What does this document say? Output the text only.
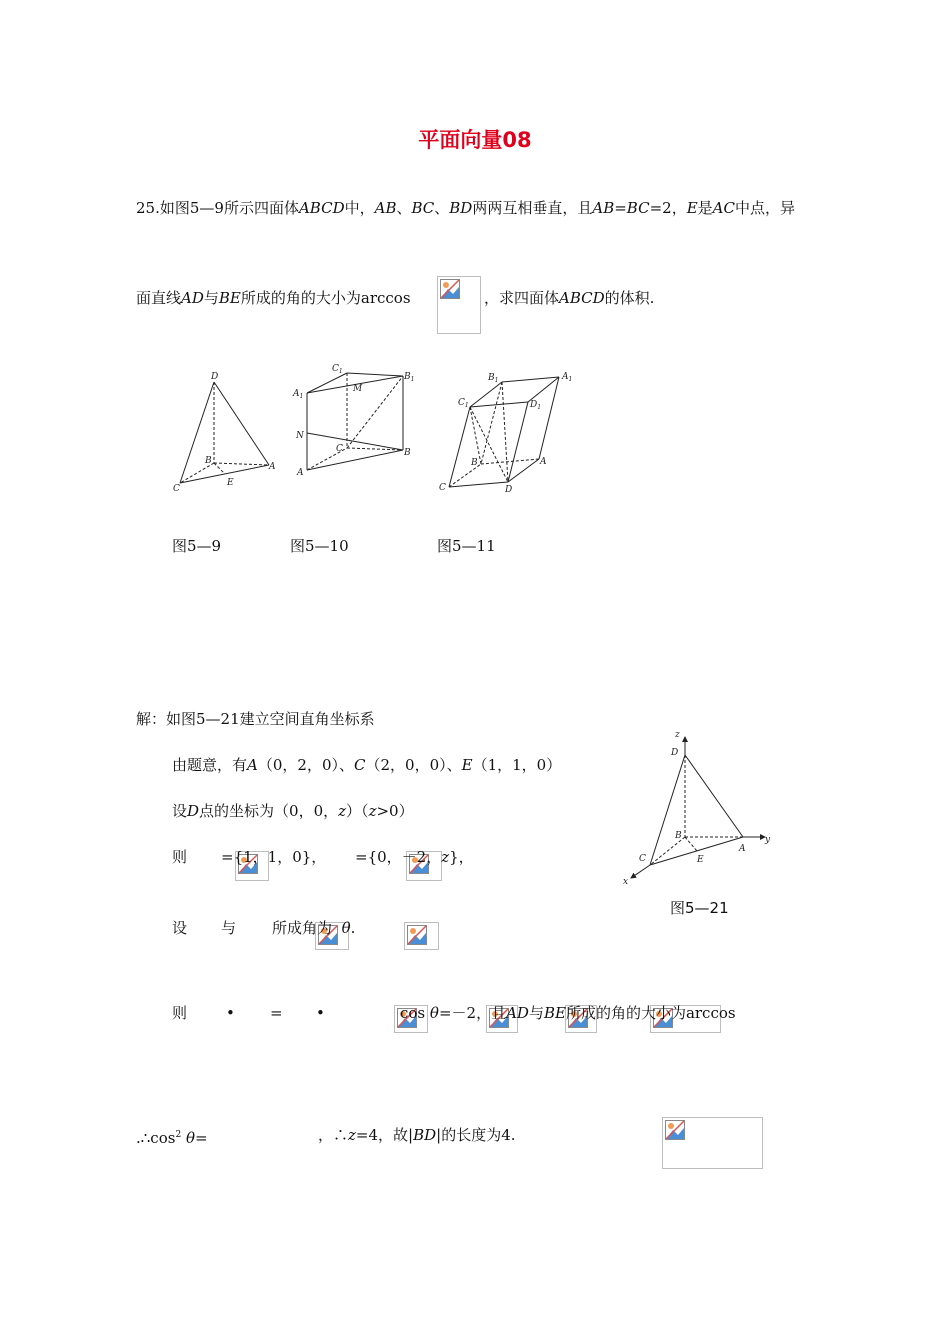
平面向量08
25.如图5—9所示四面体ABCD中，AB、BC、BD两两互相垂直，且AB=BC=2，E是AC中点，异
面直线AD与BE所成的角的大小为arccos
	，求四面体ABCD的体积.
D
B
A
C
E
图5—9
$C_1$
$B_1$
$A_1$
M
N
C	B
A
图5—10
$B_1$	$A_1$
$C_1$	$D_1$
B	A
C	D
图5—11
解：如图5—21建立空间直角坐标系
由题意，有A（0，2，0）、C（2，0，0）、E（1，1，0）
设D点的坐标为（0，0，z）（z>0）
则
={1，1，0}，
={0，－2，z}，
z
D
B	y
C	E
A
x
图5—21
设
与
所成角为 θ.
则
	•
=
•
	cos θ=－2，且AD与BE所成的角的大小为arccos

$.\therefore\cos^2$ θ=	，∴z=4，故|BD|的长度为4.
